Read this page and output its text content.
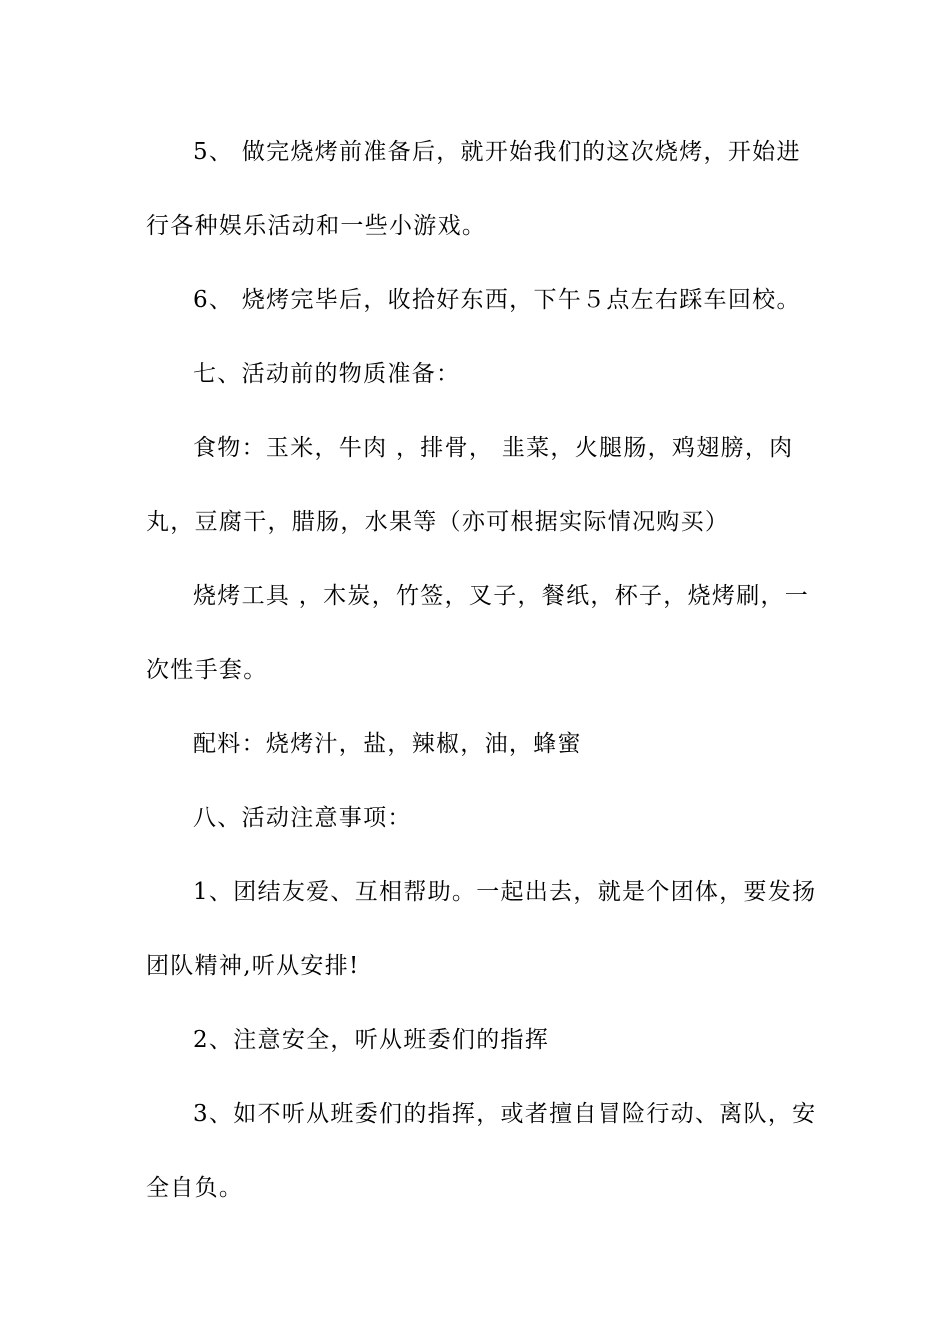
5、 做完烧烤前准备后，就开始我们的这次烧烤，开始进
行各种娱乐活动和一些小游戏。
6、 烧烤完毕后，收拾好东西，下午５点左右踩车回校。
七、活动前的物质准备：
食物：玉米，牛肉 ，排骨， 韭菜，火腿肠，鸡翅膀，肉
丸，豆腐干，腊肠，水果等（亦可根据实际情况购买）
烧烤工具 ，木炭，竹签，叉子，餐纸，杯子，烧烤刷，一
次性手套。
配料：烧烤汁，盐，辣椒，油，蜂蜜
八、活动注意事项：
1、团结友爱、互相帮助。一起出去，就是个团体，要发扬
团队精神,听从安排!
2、注意安全，听从班委们的指挥
3、如不听从班委们的指挥，或者擅自冒险行动、离队，安
全自负。
